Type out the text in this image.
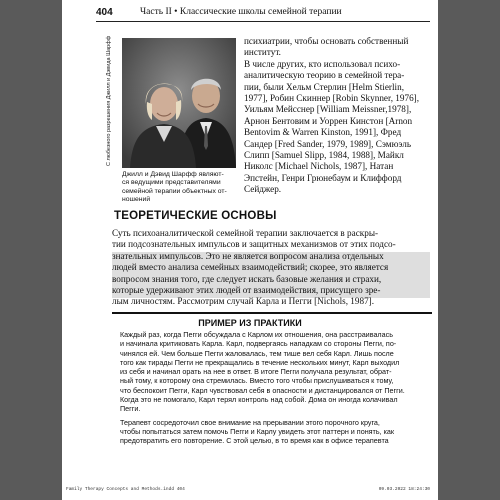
404	Часть II • Классические школы семейной терапии
С любезного разрешения Джилл и Дэвида Шарфф
Джилл и Дэвид Шарфф являют-
ся ведущими представителями
семейной терапии объектных от-
ношений
психиатрии, чтобы основать собственный
институт.
В числе других, кто использовал психо-
аналитическую теорию в семейной тера-
пии, были Хельм Стерлин [Helm Stierlin,
1977], Робин Скиннер [Robin Skynner, 1976],
Уильям Мейсснер [William Meissner,1978],
Арнон Бентовим и Уоррен Кинстон [Arnon
Bentovim & Warren Kinston, 1991], Фред
Сандер [Fred Sander, 1979, 1989], Сэмюэль
Слипп [Samuel Slipp, 1984, 1988], Майкл
Николс [Michael Nichols, 1987], Натан
Эпстейн, Генри Грюнебаум и Клиффорд
Сейджер.
ТЕОРЕТИЧЕСКИЕ ОСНОВЫ
Суть психоаналитической семейной терапии заключается в раскры-
тии подсознательных импульсов и защитных механизмов от этих подсо-
знательных импульсов. Это не является вопросом анализа отдельных
людей вместо анализа семейных взаимодействий; скорее, это является
вопросом знания того, где следует искать базовые желания и страхи,
которые удерживают этих людей от взаимодействия, присущего зре-
лым личностям. Рассмотрим случай Карла и Пегги [Nichols, 1987].
ПРИМЕР ИЗ ПРАКТИКИ
Каждый раз, когда Пегги обсуждала с Карлом их отношения, она расстраивалась
и начинала критиковать Карла. Карл, подвергаясь нападкам со стороны Пегги, по-
чинялся ей. Чем больше Пегги жаловалась, тем тише вел себя Карл. Лишь после
того как тирады Пегги не прекращались в течение нескольких минут, Карл выходил
из себя и начинал орать на нее в ответ. В итоге Пегги получала результат, обрат-
ный тому, к которому она стремилась. Вместо того чтобы прислушиваться к тому,
что беспокоит Пегги, Карл чувствовал себя в опасности и дистанцировался от Пегги.
Когда это не помогало, Карл терял контроль над собой. Дома он иногда колачивал
Пегги.
Терапевт сосредоточил свое внимание на прерывании этого порочного круга,
чтобы попытаться затем помочь Пегги и Карлу увидеть этот паттерн и понять, как
предотвратить его повторение. С этой целью, в то время как в офисе терапевта
Family Therapy Concepts and Methods.indd 404	09.03.2022 18:24:30
